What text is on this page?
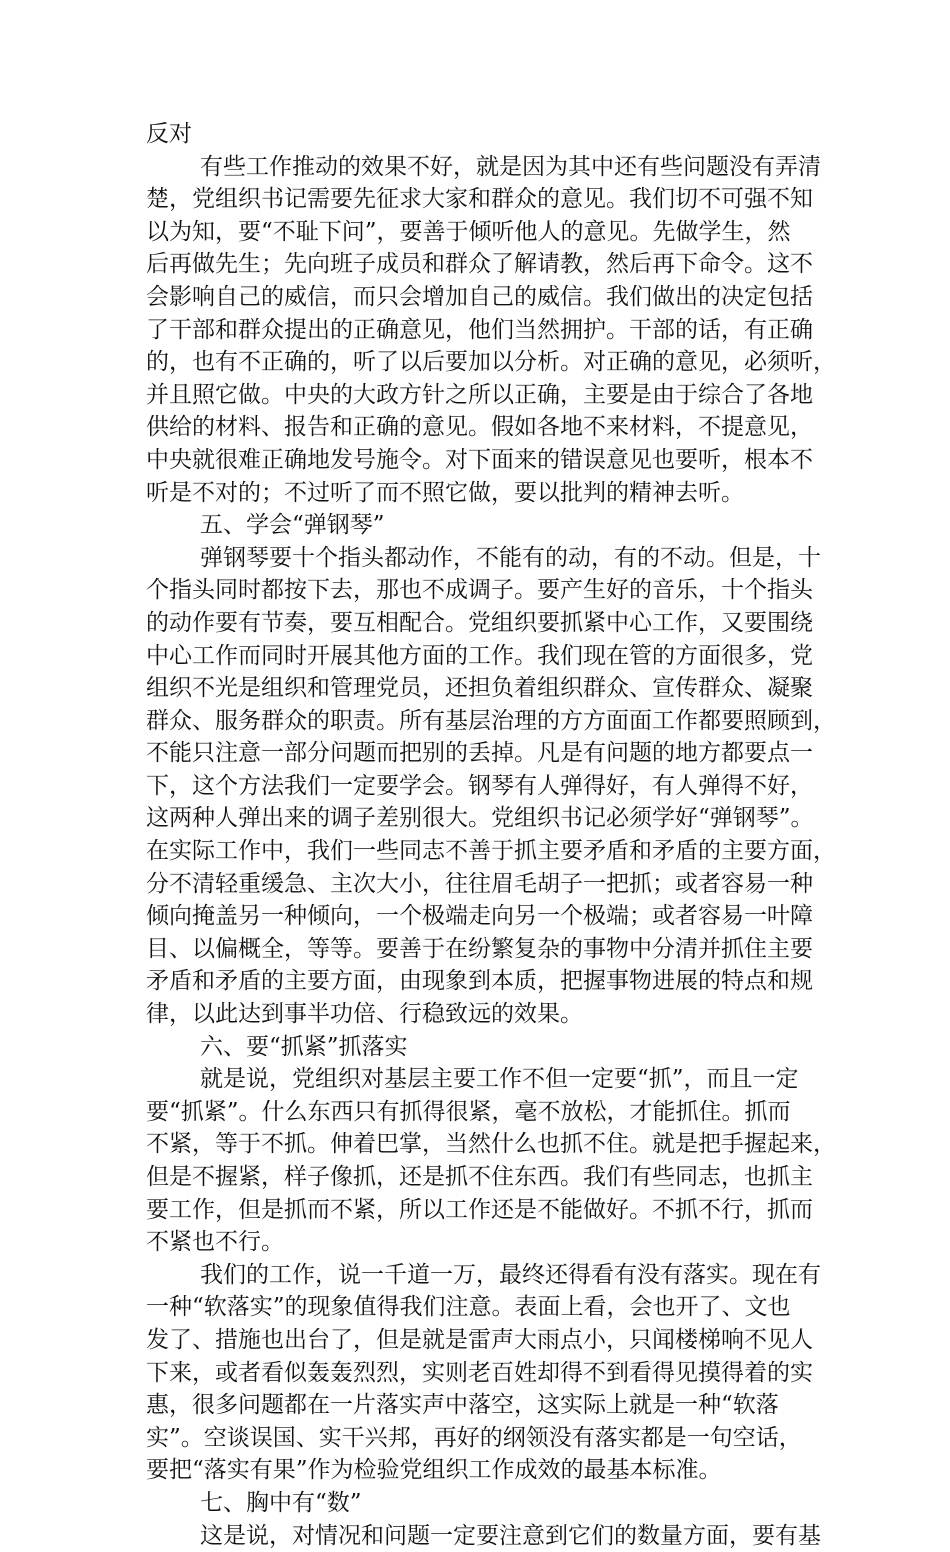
反对
有些工作推动的效果不好，就是因为其中还有些问题没有弄清
楚，党组织书记需要先征求大家和群众的意见。我们切不可强不知
以为知，要“不耻下问”，要善于倾听他人的意见。先做学生，然
后再做先生；先向班子成员和群众了解请教，然后再下命令。这不
会影响自己的威信，而只会增加自己的威信。我们做出的决定包括
了干部和群众提出的正确意见，他们当然拥护。干部的话，有正确
的，也有不正确的，听了以后要加以分析。对正确的意见，必须听，
并且照它做。中央的大政方针之所以正确，主要是由于综合了各地
供给的材料、报告和正确的意见。假如各地不来材料，不提意见，
中央就很难正确地发号施令。对下面来的错误意见也要听，根本不
听是不对的；不过听了而不照它做，要以批判的精神去听。
五、学会“弹钢琴”
弹钢琴要十个指头都动作，不能有的动，有的不动。但是，十
个指头同时都按下去，那也不成调子。要产生好的音乐，十个指头
的动作要有节奏，要互相配合。党组织要抓紧中心工作，又要围绕
中心工作而同时开展其他方面的工作。我们现在管的方面很多，党
组织不光是组织和管理党员，还担负着组织群众、宣传群众、凝聚
群众、服务群众的职责。所有基层治理的方方面面工作都要照顾到，
不能只注意一部分问题而把别的丢掉。凡是有问题的地方都要点一
下，这个方法我们一定要学会。钢琴有人弹得好，有人弹得不好，
这两种人弹出来的调子差别很大。党组织书记必须学好“弹钢琴”。
在实际工作中，我们一些同志不善于抓主要矛盾和矛盾的主要方面，
分不清轻重缓急、主次大小，往往眉毛胡子一把抓；或者容易一种
倾向掩盖另一种倾向，一个极端走向另一个极端；或者容易一叶障
目、以偏概全，等等。要善于在纷繁复杂的事物中分清并抓住主要
矛盾和矛盾的主要方面，由现象到本质，把握事物进展的特点和规
律，以此达到事半功倍、行稳致远的效果。
六、要“抓紧”抓落实
就是说，党组织对基层主要工作不但一定要“抓”，而且一定
要“抓紧”。什么东西只有抓得很紧，毫不放松，才能抓住。抓而
不紧，等于不抓。伸着巴掌，当然什么也抓不住。就是把手握起来，
但是不握紧，样子像抓，还是抓不住东西。我们有些同志，也抓主
要工作，但是抓而不紧，所以工作还是不能做好。不抓不行，抓而
不紧也不行。
我们的工作，说一千道一万，最终还得看有没有落实。现在有
一种“软落实”的现象值得我们注意。表面上看，会也开了、文也
发了、措施也出台了，但是就是雷声大雨点小，只闻楼梯响不见人
下来，或者看似轰轰烈烈，实则老百姓却得不到看得见摸得着的实
惠，很多问题都在一片落实声中落空，这实际上就是一种“软落
实”。空谈误国、实干兴邦，再好的纲领没有落实都是一句空话，
要把“落实有果”作为检验党组织工作成效的最基本标准。
七、胸中有“数”
这是说，对情况和问题一定要注意到它们的数量方面，要有基
